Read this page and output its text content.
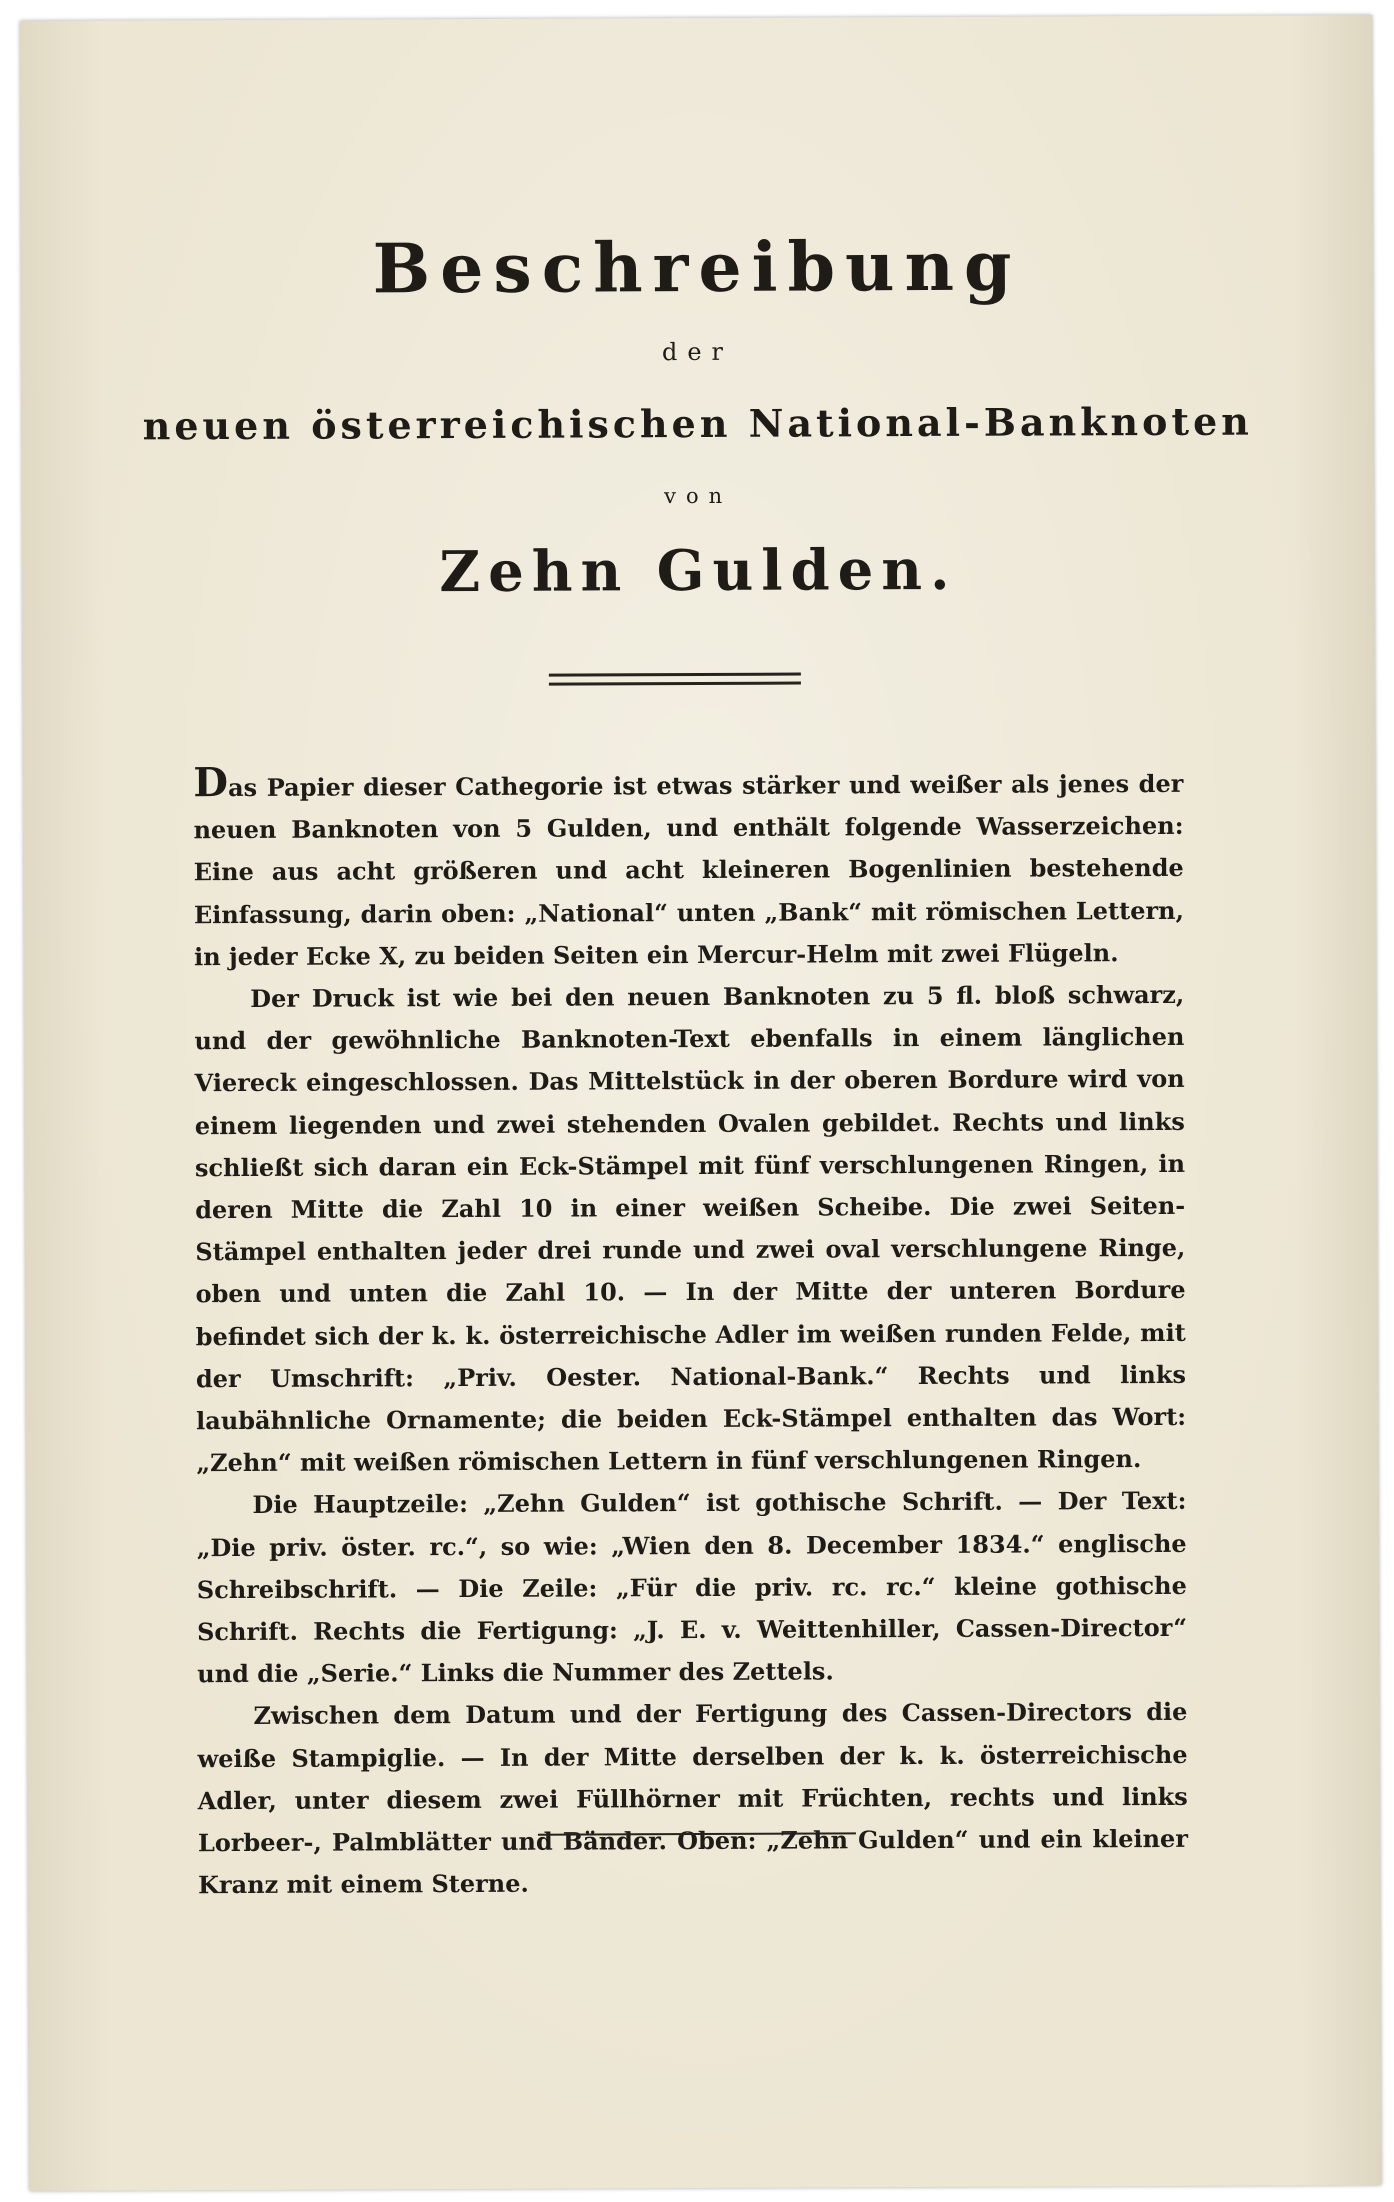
Beschreibung
der
neuen österreichischen National-Banknoten
von
Zehn Gulden.

Das Papier dieser Cathegorie ist etwas stärker und weißer als jenes der neuen Banknoten von 5 Gulden, und enthält folgende Wasserzeichen: Eine aus acht größeren und acht kleineren Bogenlinien bestehende Einfassung, darin oben: „National“ unten „Bank“ mit römischen Lettern, in jeder Ecke X, zu beiden Seiten ein Mercur-Helm mit zwei Flügeln.

Der Druck ist wie bei den neuen Banknoten zu 5 fl. bloß schwarz, und der gewöhnliche Banknoten-Text ebenfalls in einem länglichen Viereck eingeschlossen. Das Mittelstück in der oberen Bordure wird von einem liegenden und zwei stehenden Ovalen gebildet. Rechts und links schließt sich daran ein Eck-Stämpel mit fünf verschlungenen Ringen, in deren Mitte die Zahl 10 in einer weißen Scheibe. Die zwei Seiten-Stämpel enthalten jeder drei runde und zwei oval verschlungene Ringe, oben und unten die Zahl 10. — In der Mitte der unteren Bordure befindet sich der k. k. österreichische Adler im weißen runden Felde, mit der Umschrift: „Priv. Oester. National-Bank.“ Rechts und links laubähnliche Ornamente; die beiden Eck-Stämpel enthalten das Wort: „Zehn“ mit weißen römischen Lettern in fünf verschlungenen Ringen.

Die Hauptzeile: „Zehn Gulden“ ist gothische Schrift. — Der Text: „Die priv. öster. rc.“, so wie: „Wien den 8. December 1834.“ englische Schreibschrift. — Die Zeile: „Für die priv. rc. rc.“ kleine gothische Schrift. Rechts die Fertigung: „J. E. v. Weittenhiller, Cassen-Director“ und die „Serie.“ Links die Nummer des Zettels.

Zwischen dem Datum und der Fertigung des Cassen-Directors die weiße Stampiglie. — In der Mitte derselben der k. k. österreichische Adler, unter diesem zwei Füllhörner mit Früchten, rechts und links Lorbeer-, Palmblätter und Bänder. Oben: „Zehn Gulden“ und ein kleiner Kranz mit einem Sterne.
